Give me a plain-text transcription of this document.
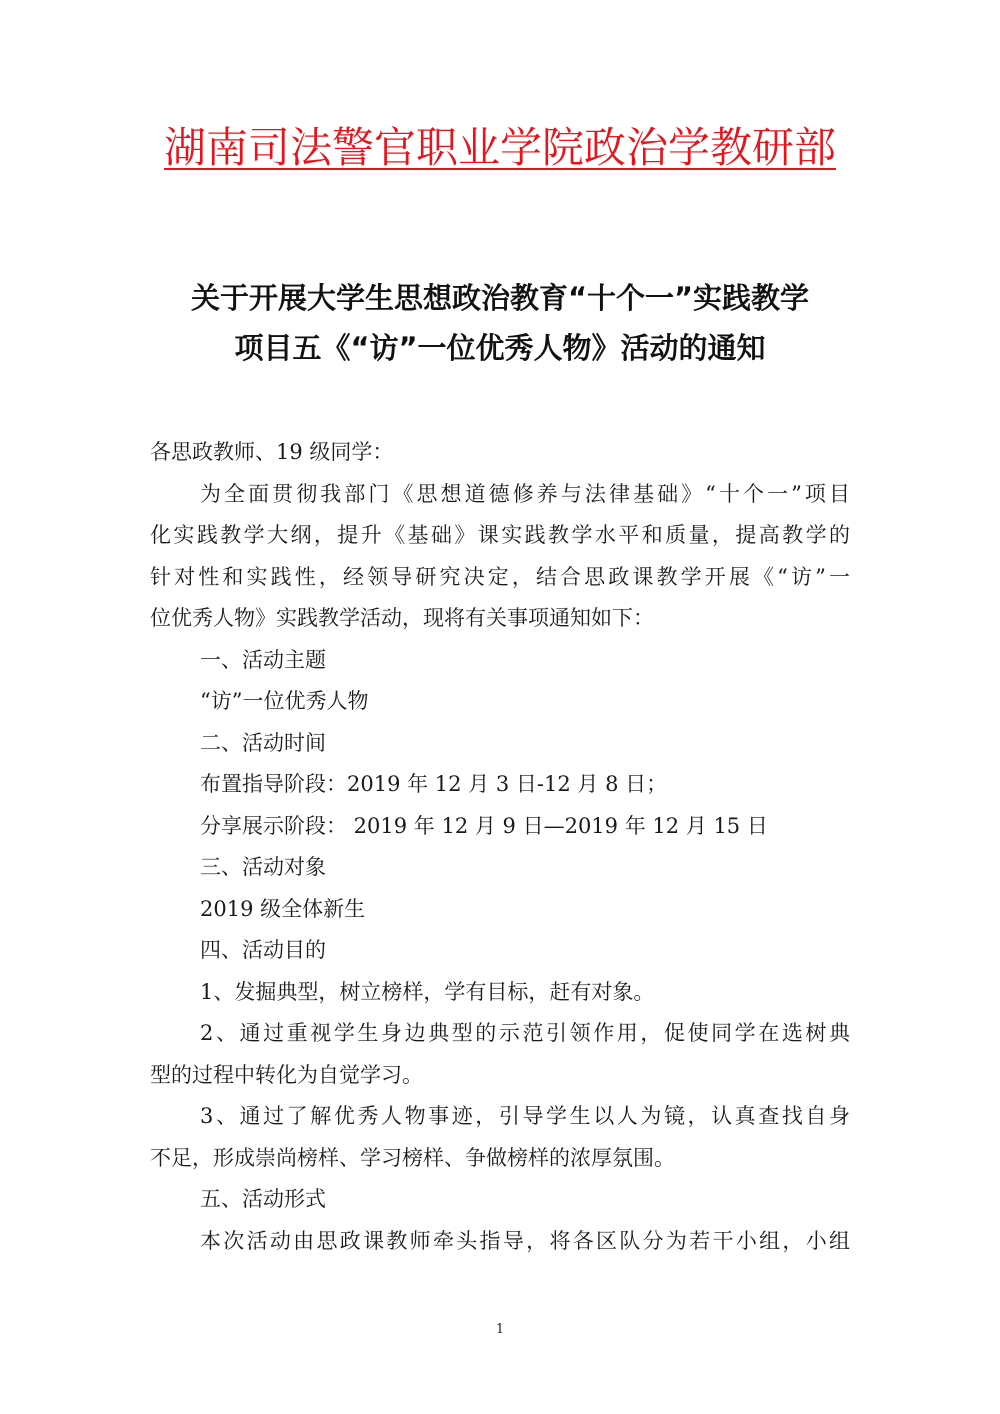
湖南司法警官职业学院政治学教研部
关于开展大学生思想政治教育“十个一”实践教学
项目五《“访”一位优秀人物》活动的通知
各思政教师、19 级同学：
为全面贯彻我部门《思想道德修养与法律基础》“十个一”项目
化实践教学大纲，提升《基础》课实践教学水平和质量，提高教学的
针对性和实践性，经领导研究决定，结合思政课教学开展《“访”一
位优秀人物》实践教学活动，现将有关事项通知如下：
一、活动主题
“访”一位优秀人物
二、活动时间
布置指导阶段：2019 年 12 月 3 日-12 月 8 日；
分享展示阶段： 2019 年 12 月 9 日—2019 年 12 月 15 日
三、活动对象
2019 级全体新生
四、活动目的
1、发掘典型，树立榜样，学有目标，赶有对象。
2、通过重视学生身边典型的示范引领作用，促使同学在选树典
型的过程中转化为自觉学习。
3、通过了解优秀人物事迹，引导学生以人为镜，认真查找自身
不足，形成崇尚榜样、学习榜样、争做榜样的浓厚氛围。
五、活动形式
本次活动由思政课教师牵头指导，将各区队分为若干小组，小组
1
